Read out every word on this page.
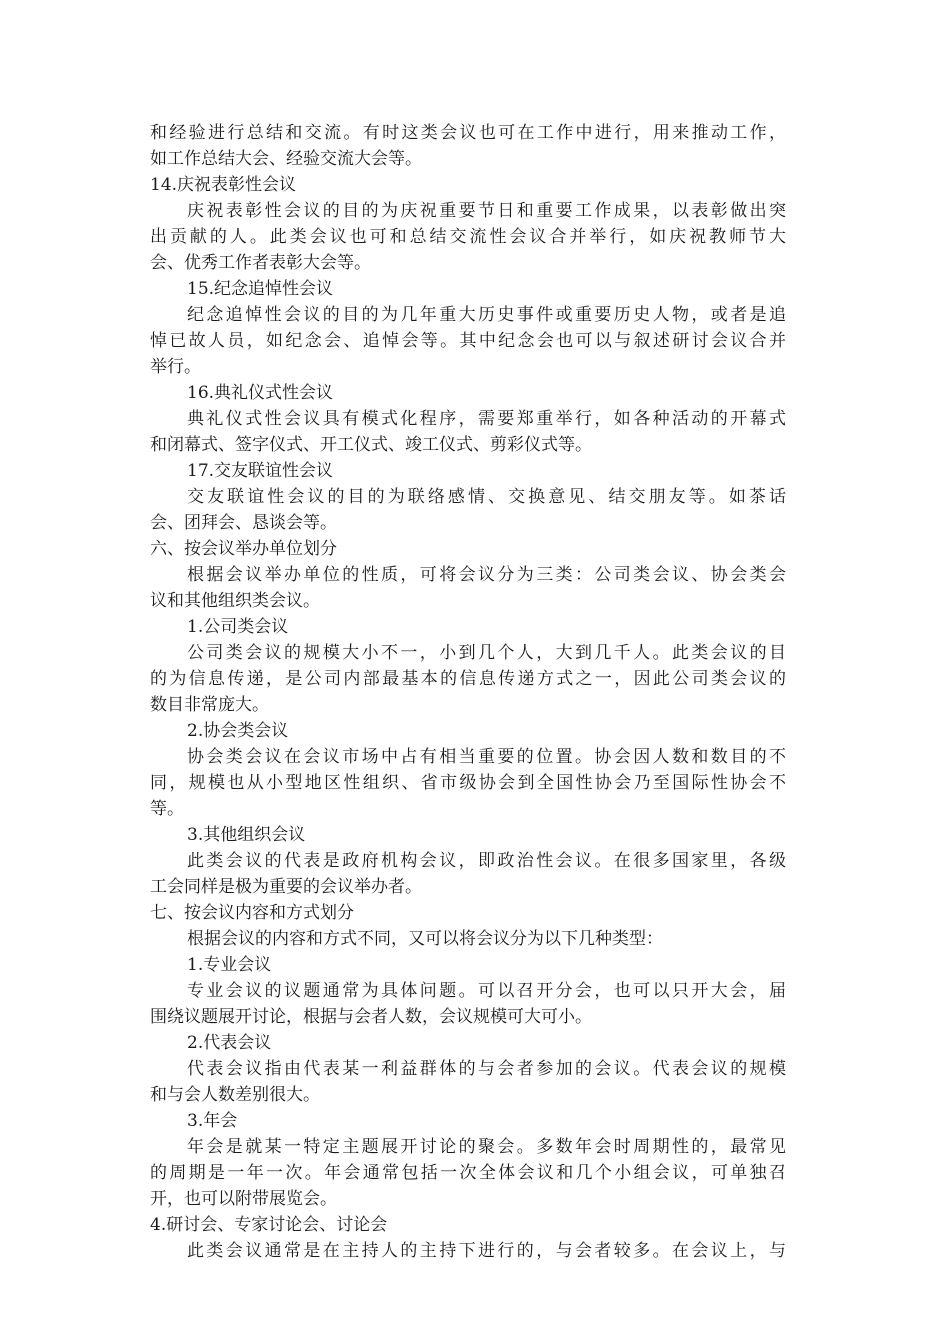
和经验进行总结和交流。有时这类会议也可在工作中进行，用来推动工作，
如工作总结大会、经验交流大会等。
14.庆祝表彰性会议
庆祝表彰性会议的目的为庆祝重要节日和重要工作成果，以表彰做出突
出贡献的人。此类会议也可和总结交流性会议合并举行，如庆祝教师节大
会、优秀工作者表彰大会等。
15.纪念追悼性会议
纪念追悼性会议的目的为几年重大历史事件或重要历史人物，或者是追
悼已故人员，如纪念会、追悼会等。其中纪念会也可以与叙述研讨会议合并
举行。
16.典礼仪式性会议
典礼仪式性会议具有模式化程序，需要郑重举行，如各种活动的开幕式
和闭幕式、签字仪式、开工仪式、竣工仪式、剪彩仪式等。
17.交友联谊性会议
交友联谊性会议的目的为联络感情、交换意见、结交朋友等。如茶话
会、团拜会、恳谈会等。
六、按会议举办单位划分
根据会议举办单位的性质，可将会议分为三类：公司类会议、协会类会
议和其他组织类会议。
1.公司类会议
公司类会议的规模大小不一，小到几个人，大到几千人。此类会议的目
的为信息传递，是公司内部最基本的信息传递方式之一，因此公司类会议的
数目非常庞大。
2.协会类会议
协会类会议在会议市场中占有相当重要的位置。协会因人数和数目的不
同，规模也从小型地区性组织、省市级协会到全国性协会乃至国际性协会不
等。
3.其他组织会议
此类会议的代表是政府机构会议，即政治性会议。在很多国家里，各级
工会同样是极为重要的会议举办者。
七、按会议内容和方式划分
根据会议的内容和方式不同，又可以将会议分为以下几种类型：
1.专业会议
专业会议的议题通常为具体问题。可以召开分会，也可以只开大会，届
围绕议题展开讨论，根据与会者人数，会议规模可大可小。
2.代表会议
代表会议指由代表某一利益群体的与会者参加的会议。代表会议的规模
和与会人数差别很大。
3.年会
年会是就某一特定主题展开讨论的聚会。多数年会时周期性的，最常见
的周期是一年一次。年会通常包括一次全体会议和几个小组会议，可单独召
开，也可以附带展览会。
4.研讨会、专家讨论会、讨论会
此类会议通常是在主持人的主持下进行的，与会者较多。在会议上，与
